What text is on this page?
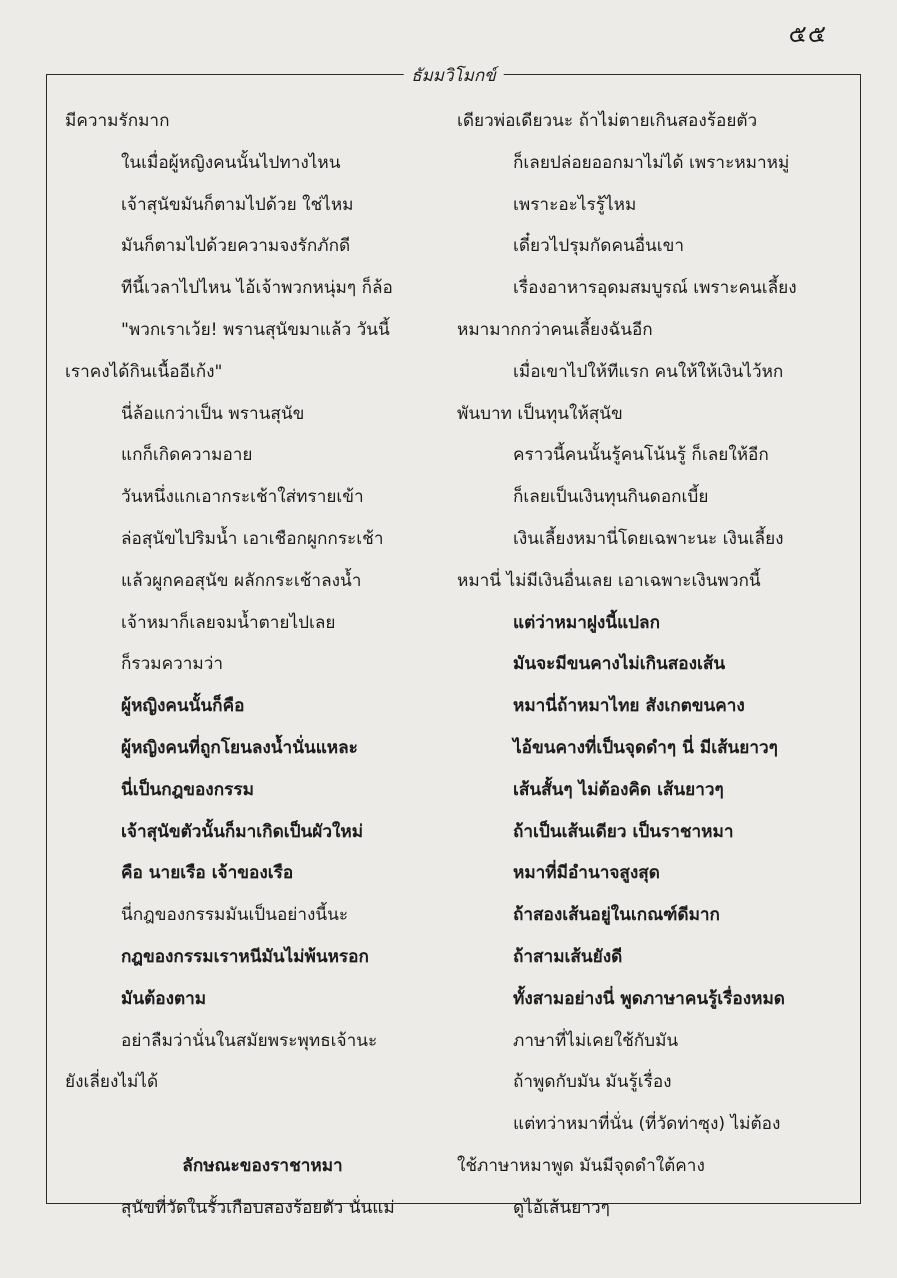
๕๕
ธัมมวิโมกข์
มีความรักมาก
ในเมื่อผู้หญิงคนนั้นไปทางไหน
เจ้าสุนัขมันก็ตามไปด้วย ใช่ไหม
มันก็ตามไปด้วยความจงรักภักดี
ทีนี้เวลาไปไหน ไอ้เจ้าพวกหนุ่มๆ ก็ล้อ
"พวกเราเว้ย! พรานสุนัขมาแล้ว วันนี้
เราคงได้กินเนื้ออีเก้ง"
นี่ล้อแกว่าเป็น พรานสุนัข
แกก็เกิดความอาย
วันหนึ่งแกเอากระเช้าใส่ทรายเข้า
ล่อสุนัขไปริมน้ำ เอาเชือกผูกกระเช้า
แล้วผูกคอสุนัข ผลักกระเช้าลงน้ำ
เจ้าหมาก็เลยจมน้ำตายไปเลย
ก็รวมความว่า
ผู้หญิงคนนั้นก็คือ
ผู้หญิงคนที่ถูกโยนลงน้ำนั่นแหละ
นี่เป็นกฎของกรรม
เจ้าสุนัขตัวนั้นก็มาเกิดเป็นผัวใหม่
คือ นายเรือ เจ้าของเรือ
นี่กฎของกรรมมันเป็นอย่างนี้นะ
กฎของกรรมเราหนีมันไม่พ้นหรอก
มันต้องตาม
อย่าลืมว่านั่นในสมัยพระพุทธเจ้านะ
ยังเลี่ยงไม่ได้
ลักษณะของราชาหมา
สุนัขที่วัดในรั้วเกือบสองร้อยตัว นั่นแม่
เดียวพ่อเดียวนะ ถ้าไม่ตายเกินสองร้อยตัว
ก็เลยปล่อยออกมาไม่ได้ เพราะหมาหมู่
เพราะอะไรรู้ไหม
เดี๋ยวไปรุมกัดคนอื่นเขา
เรื่องอาหารอุดมสมบูรณ์ เพราะคนเลี้ยง
หมามากกว่าคนเลี้ยงฉันอีก
เมื่อเขาไปให้ทีแรก คนให้ให้เงินไว้หก
พันบาท เป็นทุนให้สุนัข
คราวนี้คนนั้นรู้คนโน้นรู้ ก็เลยให้อีก
ก็เลยเป็นเงินทุนกินดอกเบี้ย
เงินเลี้ยงหมานี่โดยเฉพาะนะ เงินเลี้ยง
หมานี่ ไม่มีเงินอื่นเลย เอาเฉพาะเงินพวกนี้
แต่ว่าหมาฝูงนี้แปลก
มันจะมีขนคางไม่เกินสองเส้น
หมานี่ถ้าหมาไทย สังเกตขนคาง
ไอ้ขนคางที่เป็นจุดดำๆ นี่ มีเส้นยาวๆ
เส้นสั้นๆ ไม่ต้องคิด เส้นยาวๆ
ถ้าเป็นเส้นเดียว เป็นราชาหมา
หมาที่มีอำนาจสูงสุด
ถ้าสองเส้นอยู่ในเกณฑ์ดีมาก
ถ้าสามเส้นยังดี
ทั้งสามอย่างนี่ พูดภาษาคนรู้เรื่องหมด
ภาษาที่ไม่เคยใช้กับมัน
ถ้าพูดกับมัน มันรู้เรื่อง
แต่ทว่าหมาที่นั่น (ที่วัดท่าซุง) ไม่ต้อง
ใช้ภาษาหมาพูด มันมีจุดดำใต้คาง
ดูไอ้เส้นยาวๆ
